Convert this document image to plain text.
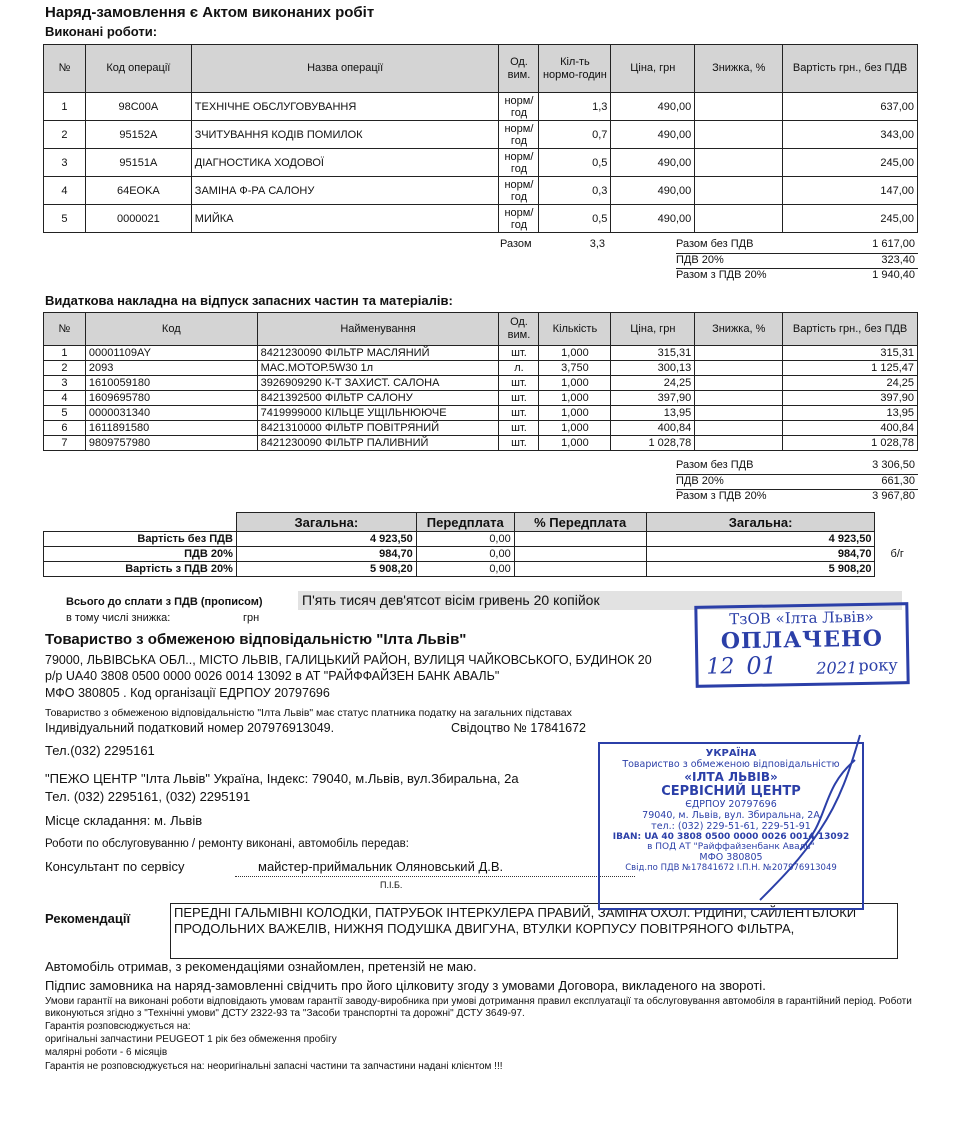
Наряд-замовлення є Актом виконаних робіт
Виконані роботи:
№	Код операції	Назва операції	Од. вим.	Кіл-ть нормо-годин	Ціна, грн	Знижка, %	Вартість грн., без ПДВ
1	98C00A	ТЕХНІЧНЕ ОБСЛУГОВУВАННЯ	норм/год	1,3	490,00		637,00
2	95152A	ЗЧИТУВАННЯ КОДІВ ПОМИЛОК	норм/год	0,7	490,00		343,00
3	95151A	ДІАГНОСТИКА ХОДОВОЇ	норм/год	0,5	490,00		245,00
4	64EOKA	ЗАМІНА Ф-РА САЛОНУ	норм/год	0,3	490,00		147,00
5	0000021	МИЙКА	норм/год	0,5	490,00		245,00
Разом	3,3	Разом без ПДВ	1 617,00
ПДВ 20%	323,40
Разом з ПДВ 20%	1 940,40
Видаткова накладна на відпуск запасних частин та матеріалів:
№	Код	Найменування	Од. вим.	Кількість	Ціна, грн	Знижка, %	Вартість грн., без ПДВ
1	00001109AY	8421230090 ФІЛЬТР МАСЛЯНИЙ	шт.	1,000	315,31		315,31
2	2093	МАС.МОТОР.5W30 1л	л.	3,750	300,13		1 125,47
3	1610059180	3926909290 К-Т ЗАХИСТ. САЛОНА	шт.	1,000	24,25		24,25
4	1609695780	8421392500 ФІЛЬТР САЛОНУ	шт.	1,000	397,90		397,90
5	0000031340	7419999000 КІЛЬЦЕ УЩІЛЬНЮЮЧЕ	шт.	1,000	13,95		13,95
6	1611891580	8421310000 ФІЛЬТР ПОВІТРЯНИЙ	шт.	1,000	400,84		400,84
7	9809757980	8421230090 ФІЛЬТР ПАЛИВНИЙ	шт.	1,000	1 028,78		1 028,78
Разом без ПДВ	3 306,50
ПДВ 20%	661,30
Разом з ПДВ 20%	3 967,80
	Загальна:	Передплата	% Передплата	Загальна:	
Вартість без ПДВ	4 923,50	0,00		4 923,50	
ПДВ 20%	984,70	0,00		984,70	б/г
Вартість з ПДВ 20%	5 908,20	0,00		5 908,20	
Всього до сплати з ПДВ (прописом)	П'ять тисяч дев'ятсот вісім гривень 20 копійок
в тому числі знижка:	грн
Товариство з обмеженою відповідальністю "Ілта Львів"
79000, ЛЬВІВСЬКА ОБЛ.., МІСТО ЛЬВІВ, ГАЛИЦЬКИЙ РАЙОН, ВУЛИЦЯ ЧАЙКОВСЬКОГО, БУДИНОК 20
р/р UA40 3808 0500 0000 0026 0014 13092 в АТ "РАЙФФАЙЗЕН БАНК АВАЛЬ"
МФО 380805 . Код організації ЕДРПОУ 20797696
Товариство з обмеженою відповідальністю "Ілта Львів" має статус платника податку на загальних підставах
Індивідуальний податковий номер 207976913049.	Свідоцтво № 17841672
Тел.(032) 2295161
"ПЕЖО ЦЕНТР "Ілта Львів" Україна, Індекс: 79040, м.Львів, вул.Збиральна, 2а
Тел. (032) 2295161, (032) 2295191
Місце складання: м. Львів
Роботи по обслуговуванню / ремонту виконані, автомобіль передав:
Консультант по сервісу	майстер-приймальник Оляновський Д.В.
П.І.Б.
Рекомендації	ПЕРЕДНІ ГАЛЬМІВНІ КОЛОДКИ, ПАТРУБОК ІНТЕРКУЛЕРА ПРАВИЙ, ЗАМІНА ОХОЛ. РІДИНИ, САЙЛЕНТБЛОКИ ПРОДОЛЬНИХ ВАЖЕЛІВ, НИЖНЯ ПОДУШКА ДВИГУНА, ВТУЛКИ КОРПУСУ ПОВІТРЯНОГО ФІЛЬТРА,
Автомобіль отримав, з рекомендаціями ознайомлен, претензій не маю.
Підпис замовника на наряд-замовленні свідчить про його цілковиту згоду з умовами Договора, викладеного на звороті.
Умови гарантії на виконані роботи відповідають умовам гарантії заводу-виробника при умові дотримання правил експлуатації та обслуговування автомобіля в гарантійний період. Роботи виконуються згідно з "Технічні умови" ДСТУ 2322-93 та "Засоби транспортні та дорожні" ДСТУ 3649-97.
Гарантія розповсюджується на:
оригінальні запчастини PEUGEOT 1 рік без обмеження пробігу
малярні роботи - 6 місяців
Гарантія не розповсюджується на: неоригінальні запасні частини та запчастини надані клієнтом !!!
ТзОВ «Ілта Львів»
ОПЛАЧЕНО
12 01 2021 року
УКРАЇНА
Товариство з обмеженою відповідальністю
«ІЛТА ЛЬВІВ»
СЕРВІСНИЙ ЦЕНТР
ЄДРПОУ 20797696
79040, м. Львів, вул. Збиральна, 2А
тел.: (032) 229-51-61, 229-51-91
IBAN: UA 40 3808 0500 0000 0026 0014 13092
в ПОД АТ "Райффайзенбанк Аваль"
МФО 380805
Свід.по ПДВ №17841672 І.П.Н. №207976913049
